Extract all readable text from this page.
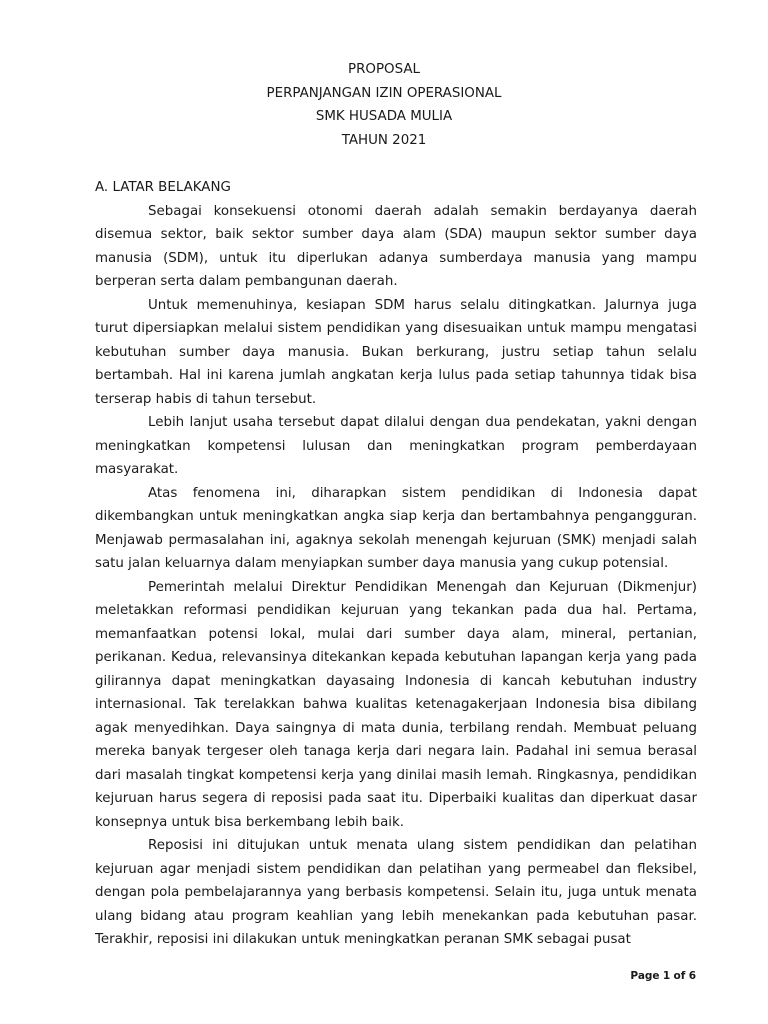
PROPOSAL
PERPANJANGAN IZIN OPERASIONAL
SMK HUSADA MULIA
TAHUN 2021
A. LATAR BELAKANG

Sebagai konsekuensi otonomi daerah adalah semakin berdayanya daerah disemua sektor, baik sektor sumber daya alam (SDA) maupun sektor sumber daya manusia (SDM), untuk itu diperlukan adanya sumberdaya manusia yang mampu berperan serta dalam pembangunan daerah.

Untuk memenuhinya, kesiapan SDM harus selalu ditingkatkan. Jalurnya juga turut dipersiapkan melalui sistem pendidikan yang disesuaikan untuk mampu mengatasi kebutuhan sumber daya manusia. Bukan berkurang, justru setiap tahun selalu bertambah. Hal ini karena jumlah angkatan kerja lulus pada setiap tahunnya tidak bisa terserap habis di tahun tersebut.

Lebih lanjut usaha tersebut dapat dilalui dengan dua pendekatan, yakni dengan meningkatkan kompetensi lulusan dan meningkatkan program pemberdayaan masyarakat.

Atas fenomena ini, diharapkan sistem pendidikan di Indonesia dapat dikembangkan untuk meningkatkan angka siap kerja dan bertambahnya pengangguran. Menjawab permasalahan ini, agaknya sekolah menengah kejuruan (SMK) menjadi salah satu jalan keluarnya dalam menyiapkan sumber daya manusia yang cukup potensial.

Pemerintah melalui Direktur Pendidikan Menengah dan Kejuruan (Dikmenjur) meletakkan reformasi pendidikan kejuruan yang tekankan pada dua hal. Pertama, memanfaatkan potensi lokal, mulai dari sumber daya alam, mineral, pertanian, perikanan. Kedua, relevansinya ditekankan kepada kebutuhan lapangan kerja yang pada gilirannya dapat meningkatkan dayasaing Indonesia di kancah kebutuhan industry internasional. Tak terelakkan bahwa kualitas ketenagakerjaan Indonesia bisa dibilang agak menyedihkan. Daya saingnya di mata dunia, terbilang rendah. Membuat peluang mereka banyak tergeser oleh tanaga kerja dari negara lain. Padahal ini semua berasal dari masalah tingkat kompetensi kerja yang dinilai masih lemah. Ringkasnya, pendidikan kejuruan harus segera di reposisi pada saat itu. Diperbaiki kualitas dan diperkuat dasar konsepnya untuk bisa berkembang lebih baik.

Reposisi ini ditujukan untuk menata ulang sistem pendidikan dan pelatihan kejuruan agar menjadi sistem pendidikan dan pelatihan yang permeabel dan fleksibel, dengan pola pembelajarannya yang berbasis kompetensi. Selain itu, juga untuk menata ulang bidang atau program keahlian yang lebih menekankan pada kebutuhan pasar. Terakhir, reposisi ini dilakukan untuk meningkatkan peranan SMK sebagai pusat

Page 1 of 6
